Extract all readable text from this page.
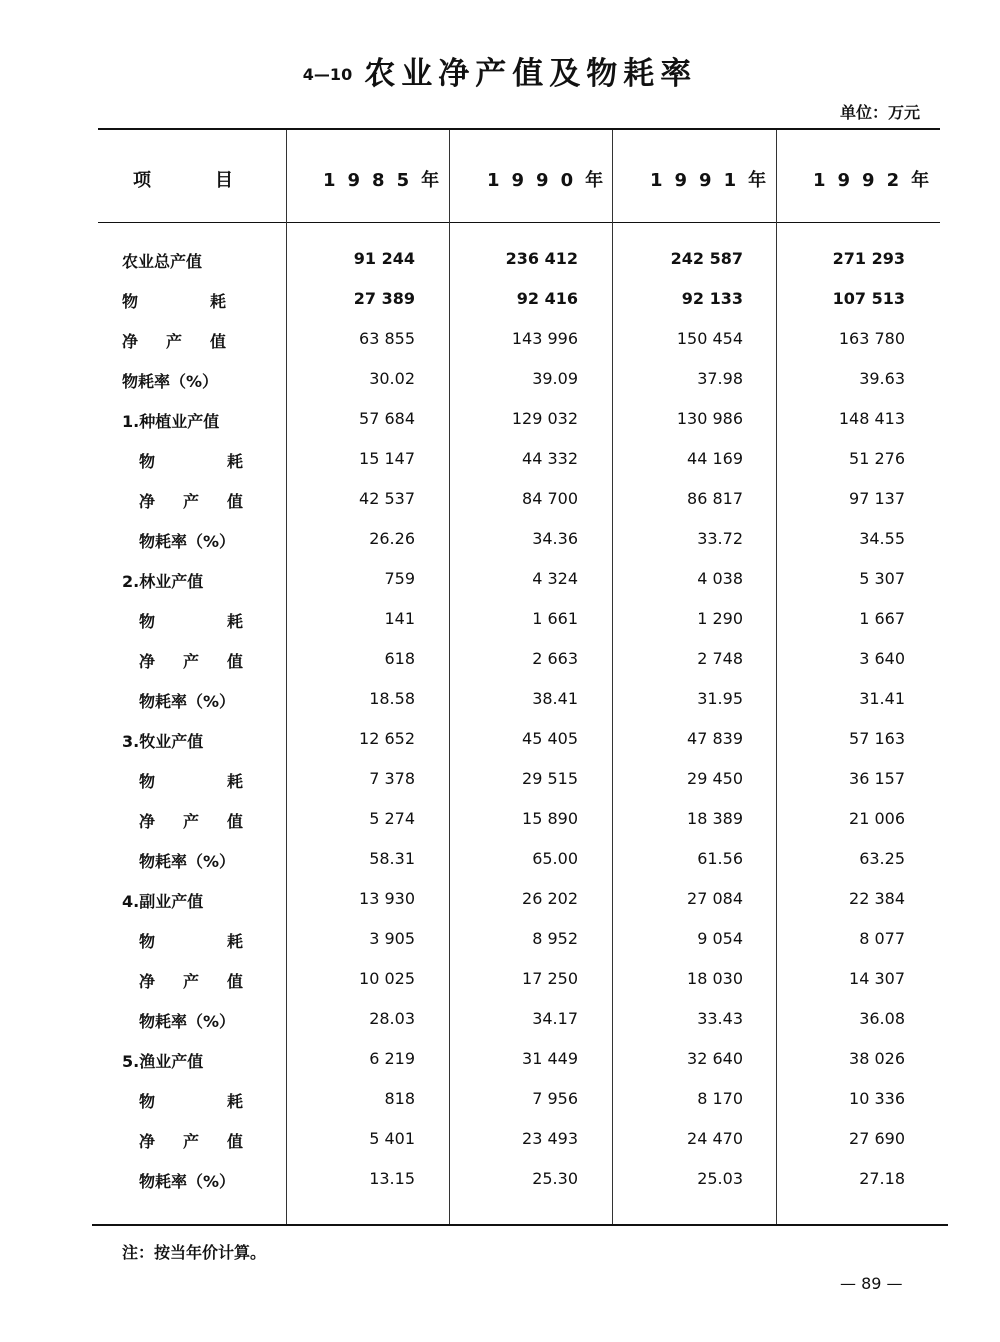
4—10 农业净产值及物耗率
单位：万元
项	目	1985年 1990年 1991年 1992年
农业总产值	91 244	236 412	242 587	271 293
物	耗	27 389	92 416	92 133	107 513
净 产 值	63 855	143 996	150 454	163 780
物耗率（%）	30.02	39.09	37.98	39.63
1.种植业产值	57 684	129 032	130 986	148 413
物	耗	15 147	44 332	44 169	51 276
净 产 值	42 537	84 700	86 817	97 137
物耗率（%）	26.26	34.36	33.72	34.55
2.林业产值	759	4 324	4 038	5 307
物	耗	141	1 661	1 290	1 667
净 产 值	618	2 663	2 748	3 640
物耗率（%）	18.58	38.41	31.95	31.41
3.牧业产值	12 652	45 405	47 839	57 163
物	耗	7 378	29 515	29 450	36 157
净 产 值	5 274	15 890	18 389	21 006
物耗率（%）	58.31	65.00	61.56	63.25
4.副业产值	13 930	26 202	27 084	22 384
物	耗	3 905	8 952	9 054	8 077
净 产 值	10 025	17 250	18 030	14 307
物耗率（%）	28.03	34.17	33.43	36.08
5.渔业产值	6 219	31 449	32 640	38 026
物	耗	818	7 956	8 170	10 336
净 产 值	5 401	23 493	24 470	27 690
物耗率（%）	13.15	25.30	25.03	27.18
注：按当年价计算。
— 89 —
